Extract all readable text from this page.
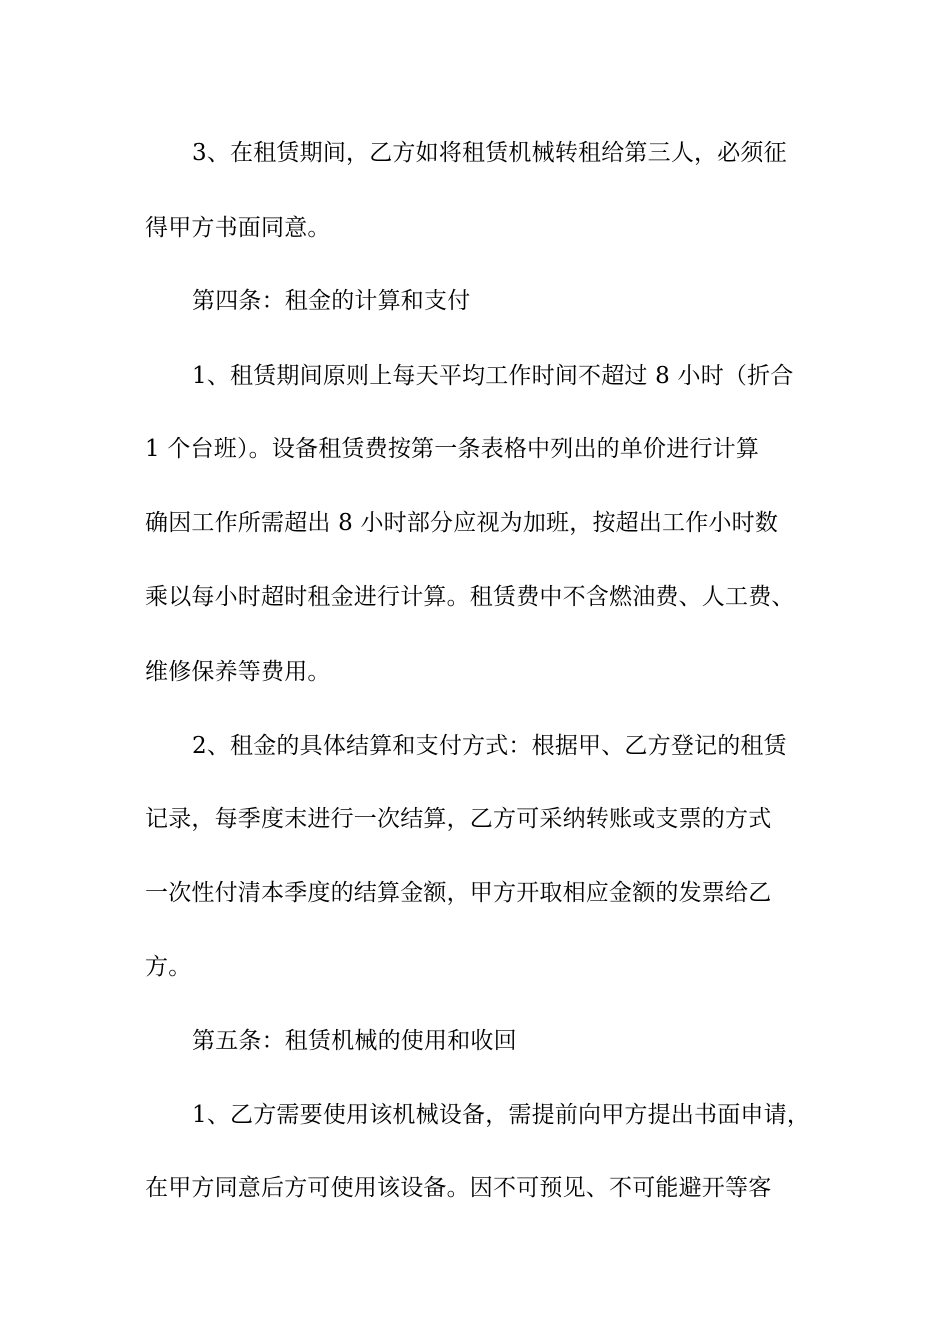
3、在租赁期间，乙方如将租赁机械转租给第三人，必须征
得甲方书面同意。
第四条：租金的计算和支付
1、租赁期间原则上每天平均工作时间不超过 8 小时（折合
1 个台班）。设备租赁费按第一条表格中列出的单价进行计算
确因工作所需超出 8 小时部分应视为加班，按超出工作小时数
乘以每小时超时租金进行计算。租赁费中不含燃油费、人工费、
维修保养等费用。
2、租金的具体结算和支付方式：根据甲、乙方登记的租赁
记录，每季度末进行一次结算，乙方可采纳转账或支票的方式
一次性付清本季度的结算金额，甲方开取相应金额的发票给乙
方。
第五条：租赁机械的使用和收回
1、乙方需要使用该机械设备，需提前向甲方提出书面申请，
在甲方同意后方可使用该设备。因不可预见、不可能避开等客
